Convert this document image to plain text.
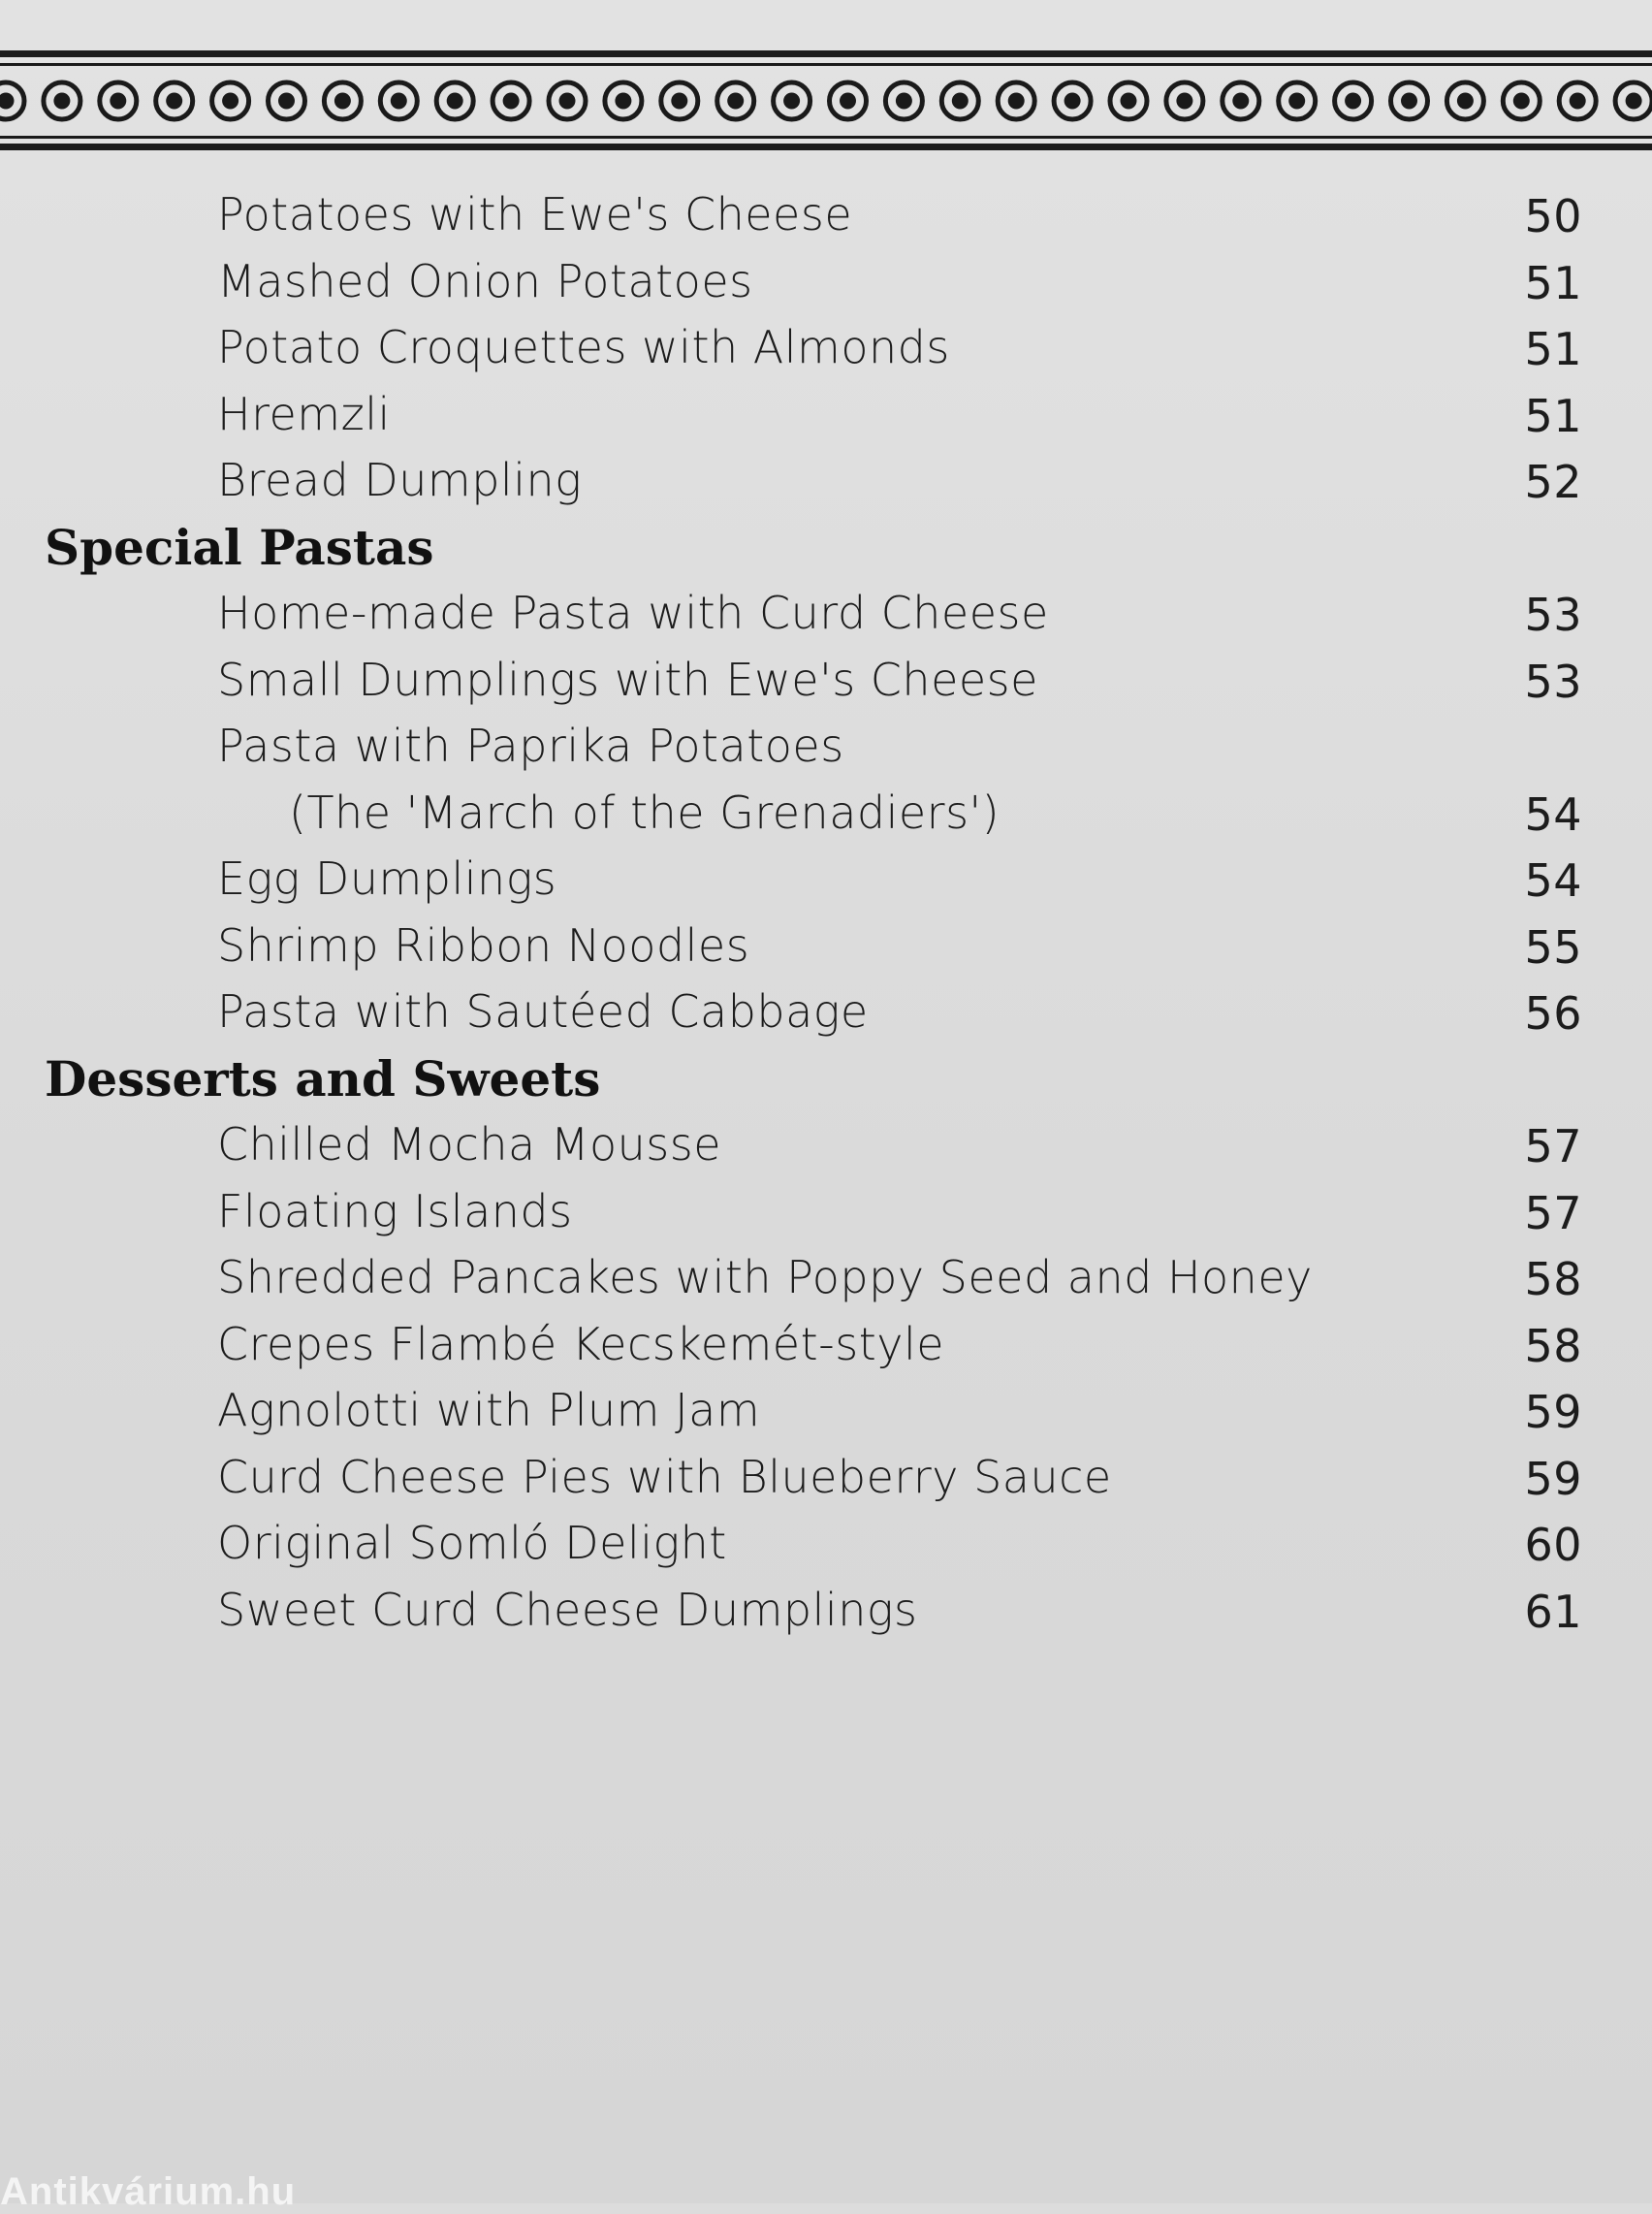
Potatoes with Ewe's Cheese	50
Mashed Onion Potatoes	51
Potato Croquettes with Almonds	51
Hremzli	51
Bread Dumpling	52
Special Pastas
Home-made Pasta with Curd Cheese	53
Small Dumplings with Ewe's Cheese	53
Pasta with Paprika Potatoes
(The 'March of the Grenadiers')	54
Egg Dumplings	54
Shrimp Ribbon Noodles	55
Pasta with Sautéed Cabbage	56
Desserts and Sweets
Chilled Mocha Mousse	57
Floating Islands	57
Shredded Pancakes with Poppy Seed and Honey	58
Crepes Flambé Kecskemét-style	58
Agnolotti with Plum Jam	59
Curd Cheese Pies with Blueberry Sauce	59
Original Somló Delight	60
Sweet Curd Cheese Dumplings	61
Antikvárium.hu
